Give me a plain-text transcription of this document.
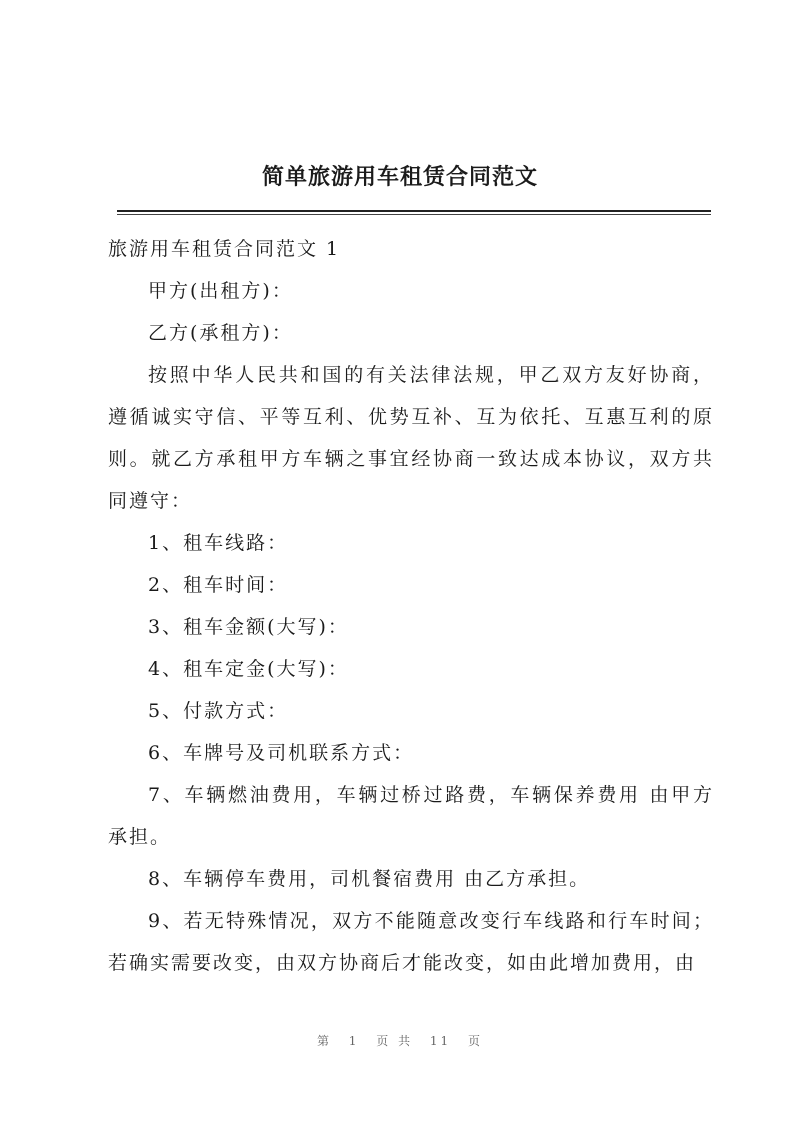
简单旅游用车租赁合同范文

旅游用车租赁合同范文 1

甲方(出租方)：

乙方(承租方)：

按照中华人民共和国的有关法律法规，甲乙双方友好协商，遵循诚实守信、平等互利、优势互补、互为依托、互惠互利的原则。就乙方承租甲方车辆之事宜经协商一致达成本协议，双方共同遵守：

1、租车线路：

2、租车时间：

3、租车金额(大写)：

4、租车定金(大写)：

5、付款方式：

6、车牌号及司机联系方式：

7、车辆燃油费用，车辆过桥过路费，车辆保养费用 由甲方承担。

8、车辆停车费用，司机餐宿费用 由乙方承担。

9、若无特殊情况，双方不能随意改变行车线路和行车时间；若确实需要改变，由双方协商后才能改变，如由此增加费用，由

第 1 页 共 11 页
